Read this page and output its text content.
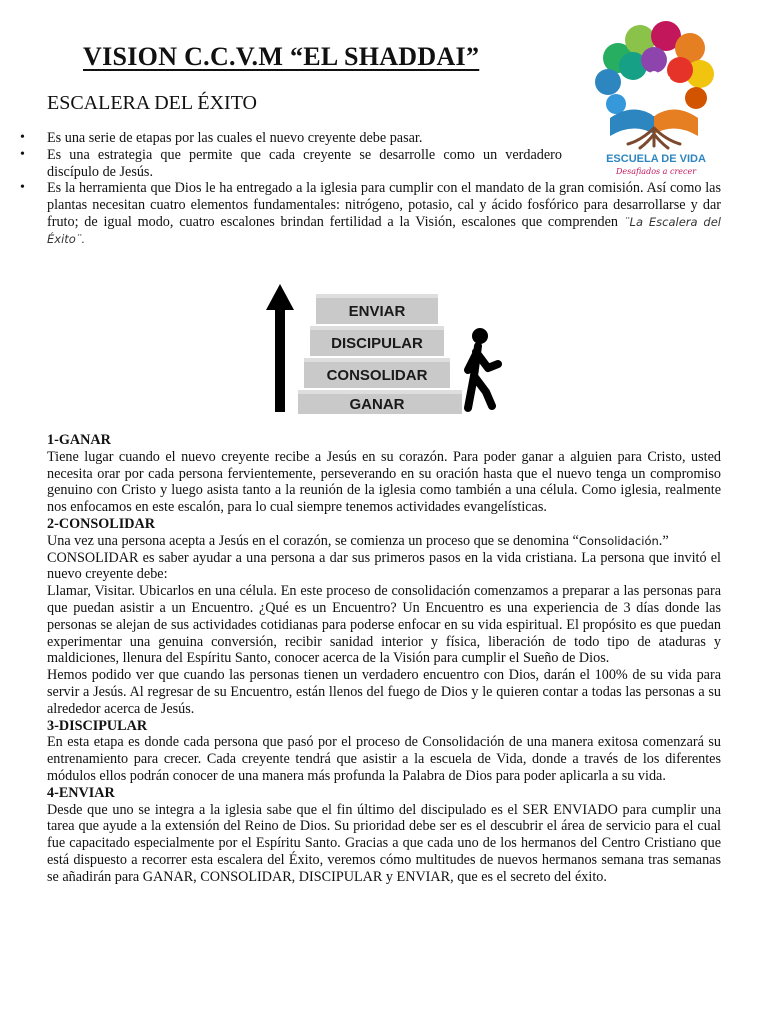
VISION C.C.V.M “EL SHADDAI”
ESCALERA DEL ÉXITO
ESCUELA DE VIDA
Desafiados a crecer
• Es una serie de etapas por las cuales el nuevo creyente debe pasar.
• Es una estrategia que permite que cada creyente se desarrolle como un verdadero discípulo de Jesús.
• Es la herramienta que Dios le ha entregado a la iglesia para cumplir con el mandato de la gran comisión. Así como las plantas necesitan cuatro elementos fundamentales: nitrógeno, potasio, cal y ácido fosfórico para desarrollarse y dar fruto; de igual modo, cuatro escalones brindan fertilidad a la Visión, escalones que comprenden ¨La Escalera del Éxito¨.
ENVIAR
DISCIPULAR
CONSOLIDAR
GANAR
1-GANAR

Tiene lugar cuando el nuevo creyente recibe a Jesús en su corazón. Para poder ganar a alguien para Cristo, usted necesita orar por cada persona fervientemente, perseverando en su oración hasta que el nuevo tenga un compromiso genuino con Cristo y luego asista tanto a la reunión de la iglesia como también a una célula. Como iglesia, realmente nos enfocamos en este escalón, para lo cual siempre tenemos actividades evangelísticas.

2-CONSOLIDAR

Una vez una persona acepta a Jesús en el corazón, se comienza un proceso que se denomina “Consolidación.”

CONSOLIDAR es saber ayudar a una persona a dar sus primeros pasos en la vida cristiana. La persona que invitó el nuevo creyente debe:

Llamar, Visitar. Ubicarlos en una célula. En este proceso de consolidación comenzamos a preparar a las personas para que puedan asistir a un Encuentro. ¿Qué es un Encuentro? Un Encuentro es una experiencia de 3 días donde las personas se alejan de sus actividades cotidianas para poderse enfocar en su vida espiritual. El propósito es que puedan experimentar una genuina conversión, recibir sanidad interior y física, liberación de todo tipo de ataduras y maldiciones, llenura del Espíritu Santo, conocer acerca de la Visión para cumplir el Sueño de Dios.

Hemos podido ver que cuando las personas tienen un verdadero encuentro con Dios, darán el 100% de su vida para servir a Jesús. Al regresar de su Encuentro, están llenos del fuego de Dios y le quieren contar a todas las personas a su alrededor acerca de Jesús.

3-DISCIPULAR

En esta etapa es donde cada persona que pasó por el proceso de Consolidación de una manera exitosa comenzará su entrenamiento para crecer. Cada creyente tendrá que asistir a la escuela de Vida, donde a través de los diferentes módulos ellos podrán conocer de una manera más profunda la Palabra de Dios para poder aplicarla a su vida.

4-ENVIAR

Desde que uno se integra a la iglesia sabe que el fin último del discipulado es el SER ENVIADO para cumplir una tarea que ayude a la extensión del Reino de Dios. Su prioridad debe ser es el descubrir el área de servicio para el cual fue capacitado especialmente por el Espíritu Santo. Gracias a que cada uno de los hermanos del Centro Cristiano que está dispuesto a recorrer esta escalera del Éxito, veremos cómo multitudes de nuevos hermanos semana tras semanas se añadirán para GANAR, CONSOLIDAR, DISCIPULAR y ENVIAR, que es el secreto del éxito.
